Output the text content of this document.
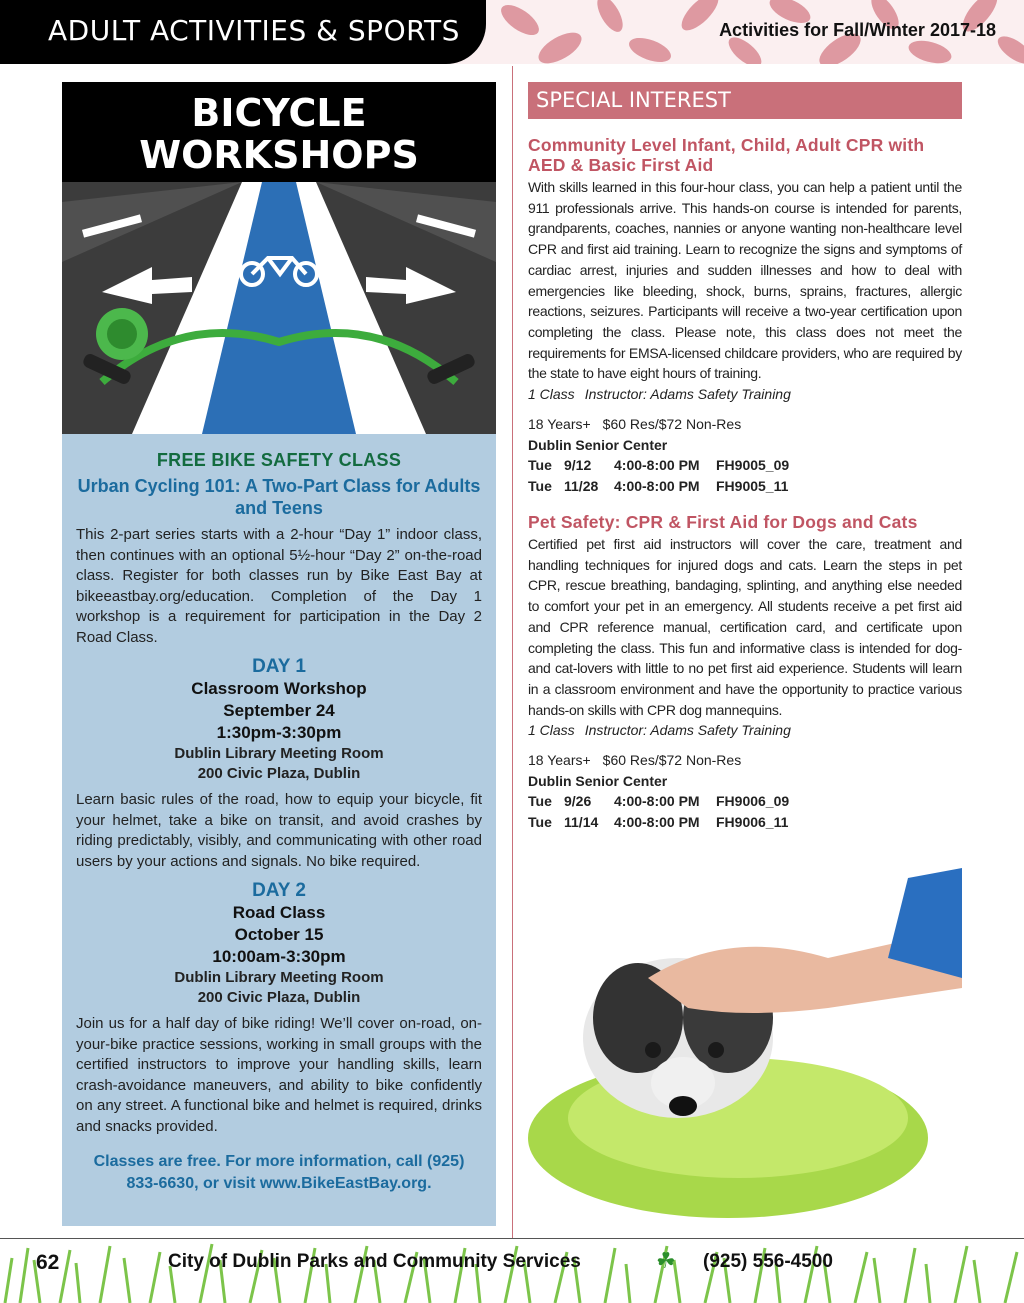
ADULT ACTIVITIES & SPORTS	Activities for Fall/Winter 2017-18
BICYCLE
WORKSHOPS
FREE BIKE SAFETY CLASS
Urban Cycling 101: A Two-Part Class for Adults and Teens

This 2-part series starts with a 2-hour “Day 1” indoor class, then continues with an optional 5½-hour “Day 2” on-the-road class. Register for both classes run by Bike East Bay at bikeeastbay.org/education. Completion of the Day 1 workshop is a requirement for participation in the Day 2 Road Class.

DAY 1
Classroom Workshop
September 24
1:30pm-3:30pm
Dublin Library Meeting Room
200 Civic Plaza, Dublin

Learn basic rules of the road, how to equip your bicycle, fit your helmet, take a bike on transit, and avoid crashes by riding predictably, visibly, and communicating with other road users by your actions and signals. No bike required.

DAY 2
Road Class
October 15
10:00am-3:30pm
Dublin Library Meeting Room
200 Civic Plaza, Dublin

Join us for a half day of bike riding! We’ll cover on-road, on-your-bike practice sessions, working in small groups with the certified instructors to improve your handling skills, learn crash-avoidance maneuvers, and ability to bike confidently on any street. A functional bike and helmet is required, drinks and snacks provided.

Classes are free. For more information, call (925) 833-6630, or visit www.BikeEastBay.org.
SPECIAL INTEREST
Community Level Infant, Child, Adult CPR with AED & Basic First Aid

With skills learned in this four-hour class, you can help a patient until the 911 professionals arrive. This hands-on course is intended for parents, grandparents, coaches, nannies or anyone wanting non-healthcare level CPR and first aid training. Learn to recognize the signs and symptoms of cardiac arrest, injuries and sudden illnesses and how to deal with emergencies like bleeding, shock, burns, sprains, fractures, allergic reactions, seizures. Participants will receive a two-year certification upon completing the class. Please note, this class does not meet the requirements for EMSA-licensed childcare providers, who are required by the state to have eight hours of training.

1 Class Instructor: Adams Safety Training
18 Years+ $60 Res/$72 Non-Res
Dublin Senior Center
Tue 9/12 4:00-8:00 PM FH9005_09
Tue 11/28 4:00-8:00 PM FH9005_11
Pet Safety: CPR & First Aid for Dogs and Cats

Certified pet first aid instructors will cover the care, treatment and handling techniques for injured dogs and cats. Learn the steps in pet CPR, rescue breathing, bandaging, splinting, and anything else needed to comfort your pet in an emergency. All students receive a pet first aid and CPR reference manual, certification card, and certificate upon completing the class. This fun and informative class is intended for dog- and cat-lovers with little to no pet first aid experience. Students will learn in a classroom environment and have the opportunity to practice various hands-on skills with CPR dog mannequins.

1 Class Instructor: Adams Safety Training
18 Years+ $60 Res/$72 Non-Res
Dublin Senior Center
Tue 9/26 4:00-8:00 PM FH9006_09
Tue 11/14 4:00-8:00 PM FH9006_11
62	City of Dublin Parks and Community Services	☘ (925) 556-4500
